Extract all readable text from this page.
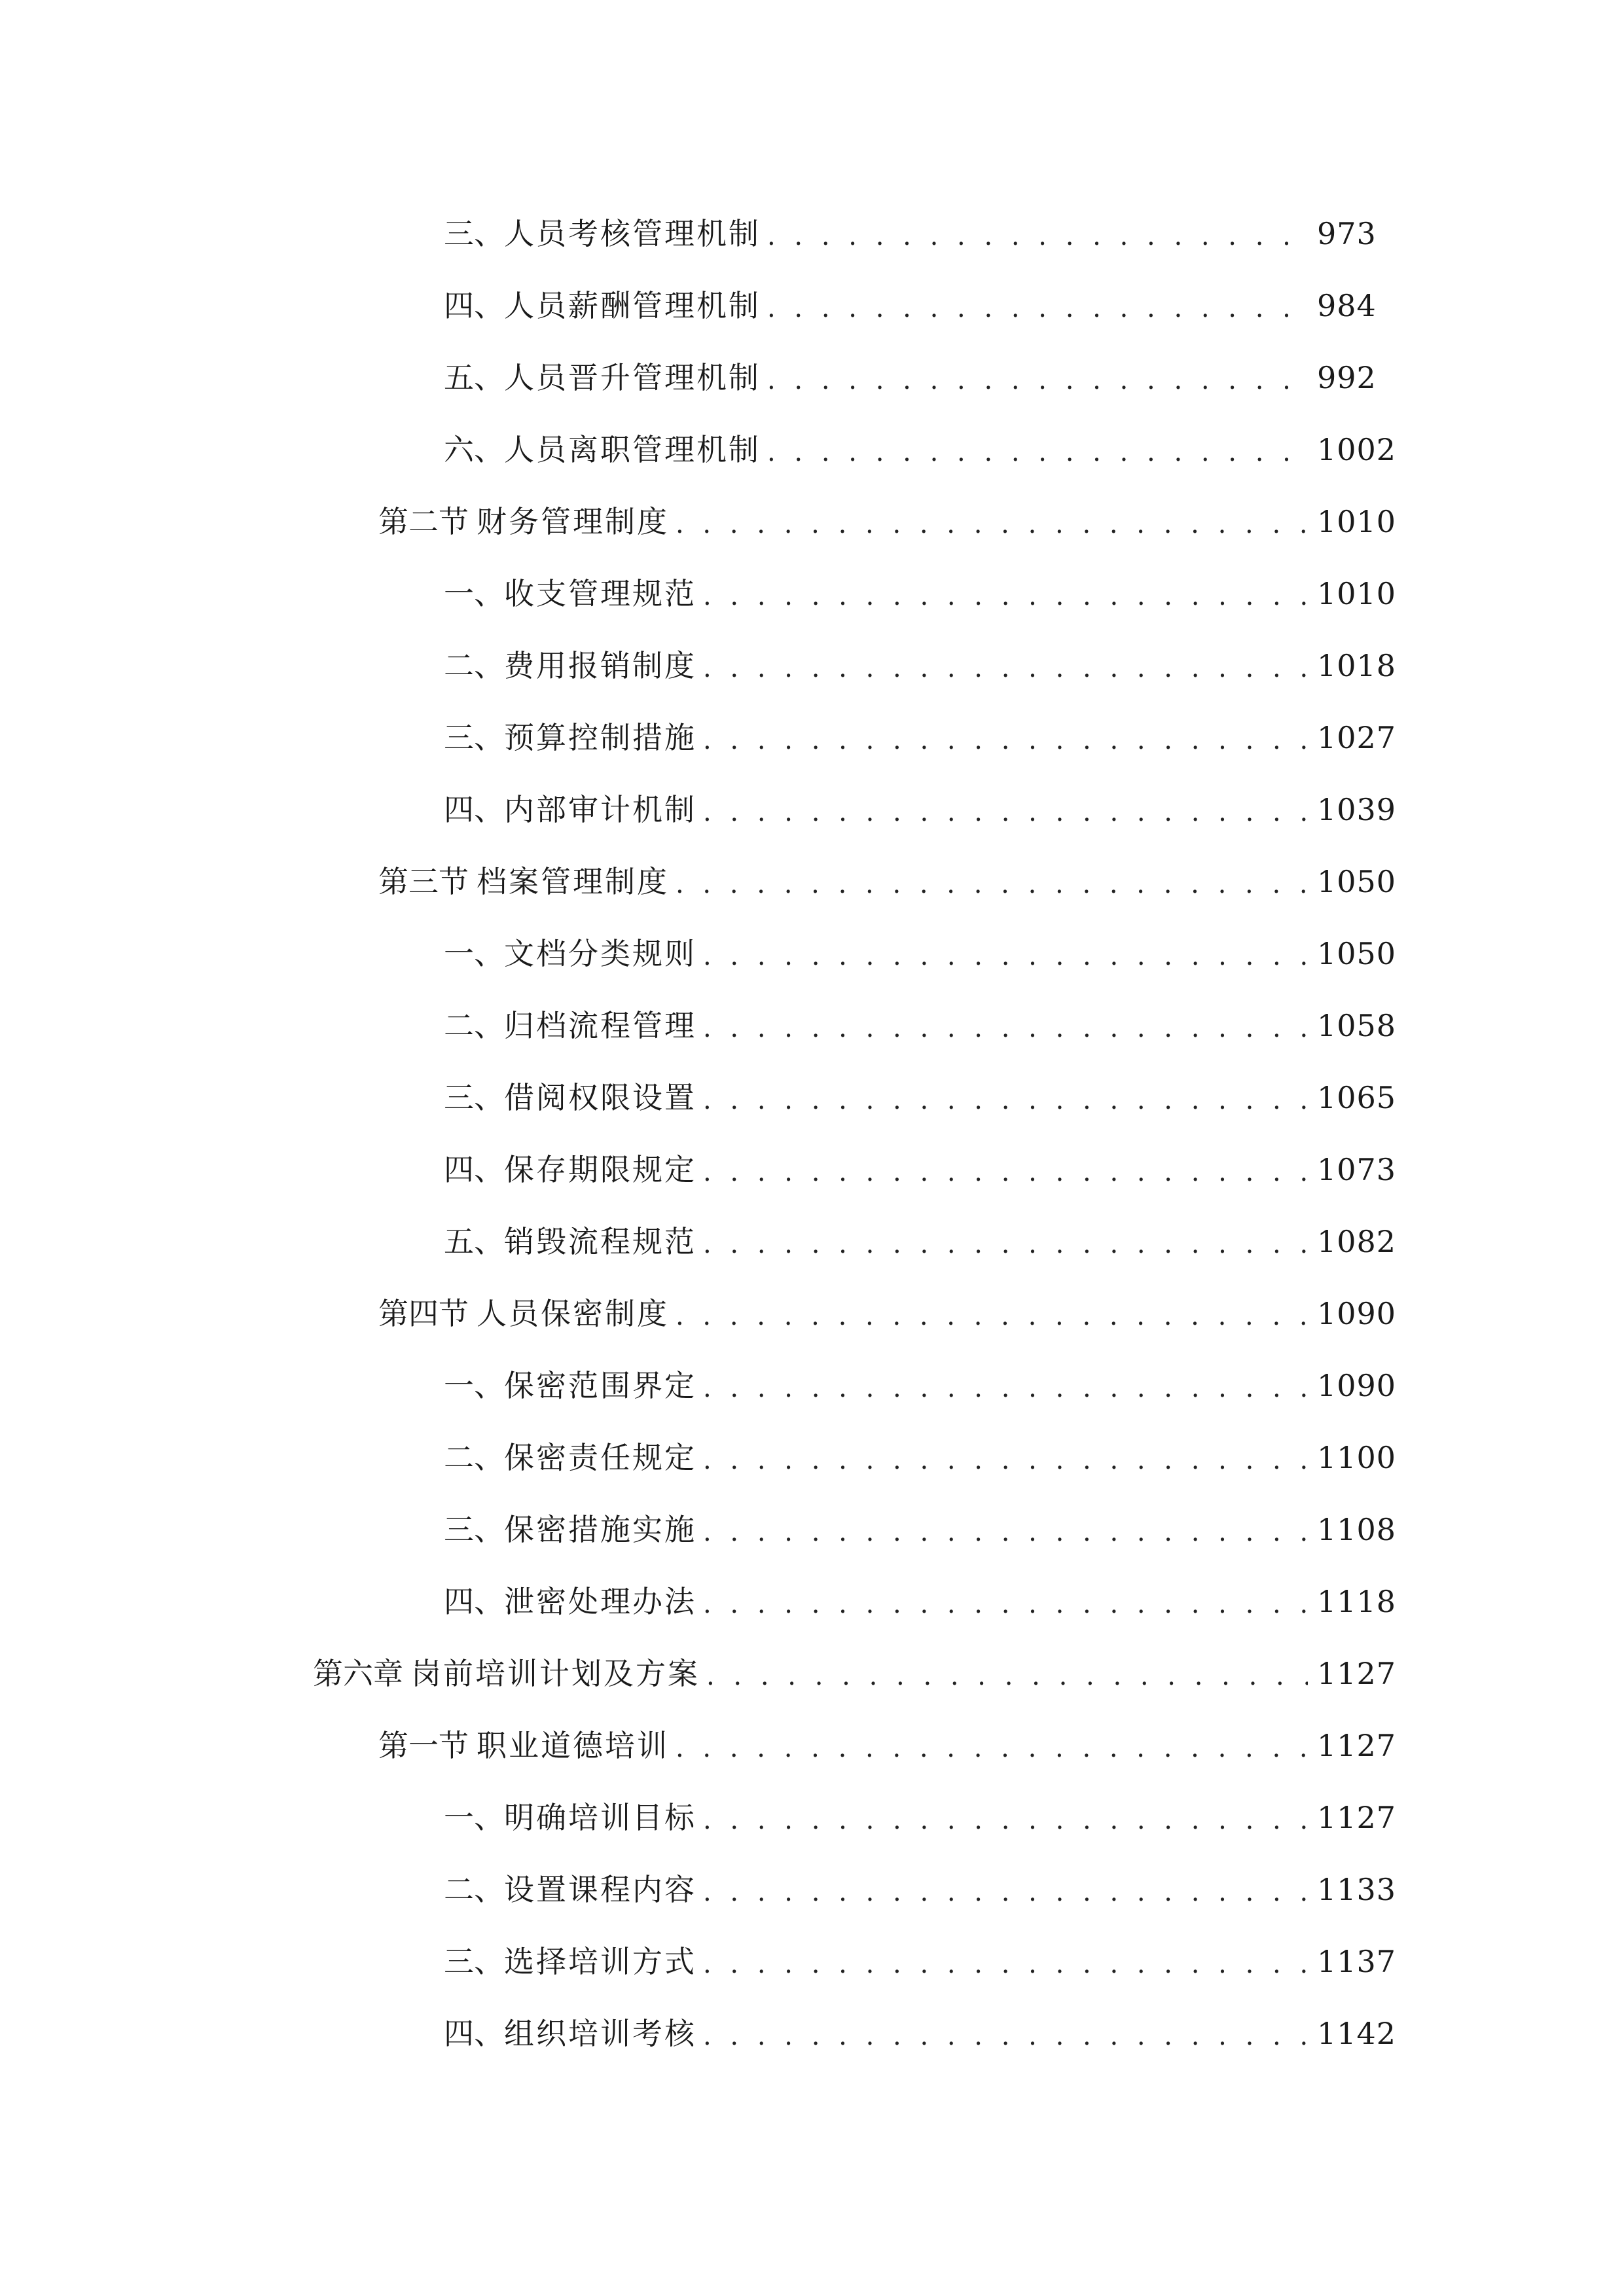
三、 人员考核管理机制 . . .	973
四、 人员薪酬管理机制 . . .	984
五、 人员晋升管理机制 . . .	992
六、 人员离职管理机制 . . .	1002
第二节 财务管理制度 . . .	1010
一、 收支管理规范 . . .	1010
二、 费用报销制度 . . .	1018
三、 预算控制措施 . . .	1027
四、 内部审计机制 . . .	1039
第三节 档案管理制度 . . .	1050
一、 文档分类规则 . . .	1050
二、 归档流程管理 . . .	1058
三、 借阅权限设置 . . .	1065
四、 保存期限规定 . . .	1073
五、 销毁流程规范 . . .	1082
第四节 人员保密制度 . . .	1090
一、 保密范围界定 . . .	1090
二、 保密责任规定 . . .	1100
三、 保密措施实施 . . .	1108
四、 泄密处理办法 . . .	1118
第六章 岗前培训计划及方案 . . .	1127
第一节 职业道德培训 . . .	1127
一、 明确培训目标 . . .	1127
二、 设置课程内容 . . .	1133
三、 选择培训方式 . . .	1137
四、 组织培训考核 . . .	1142
